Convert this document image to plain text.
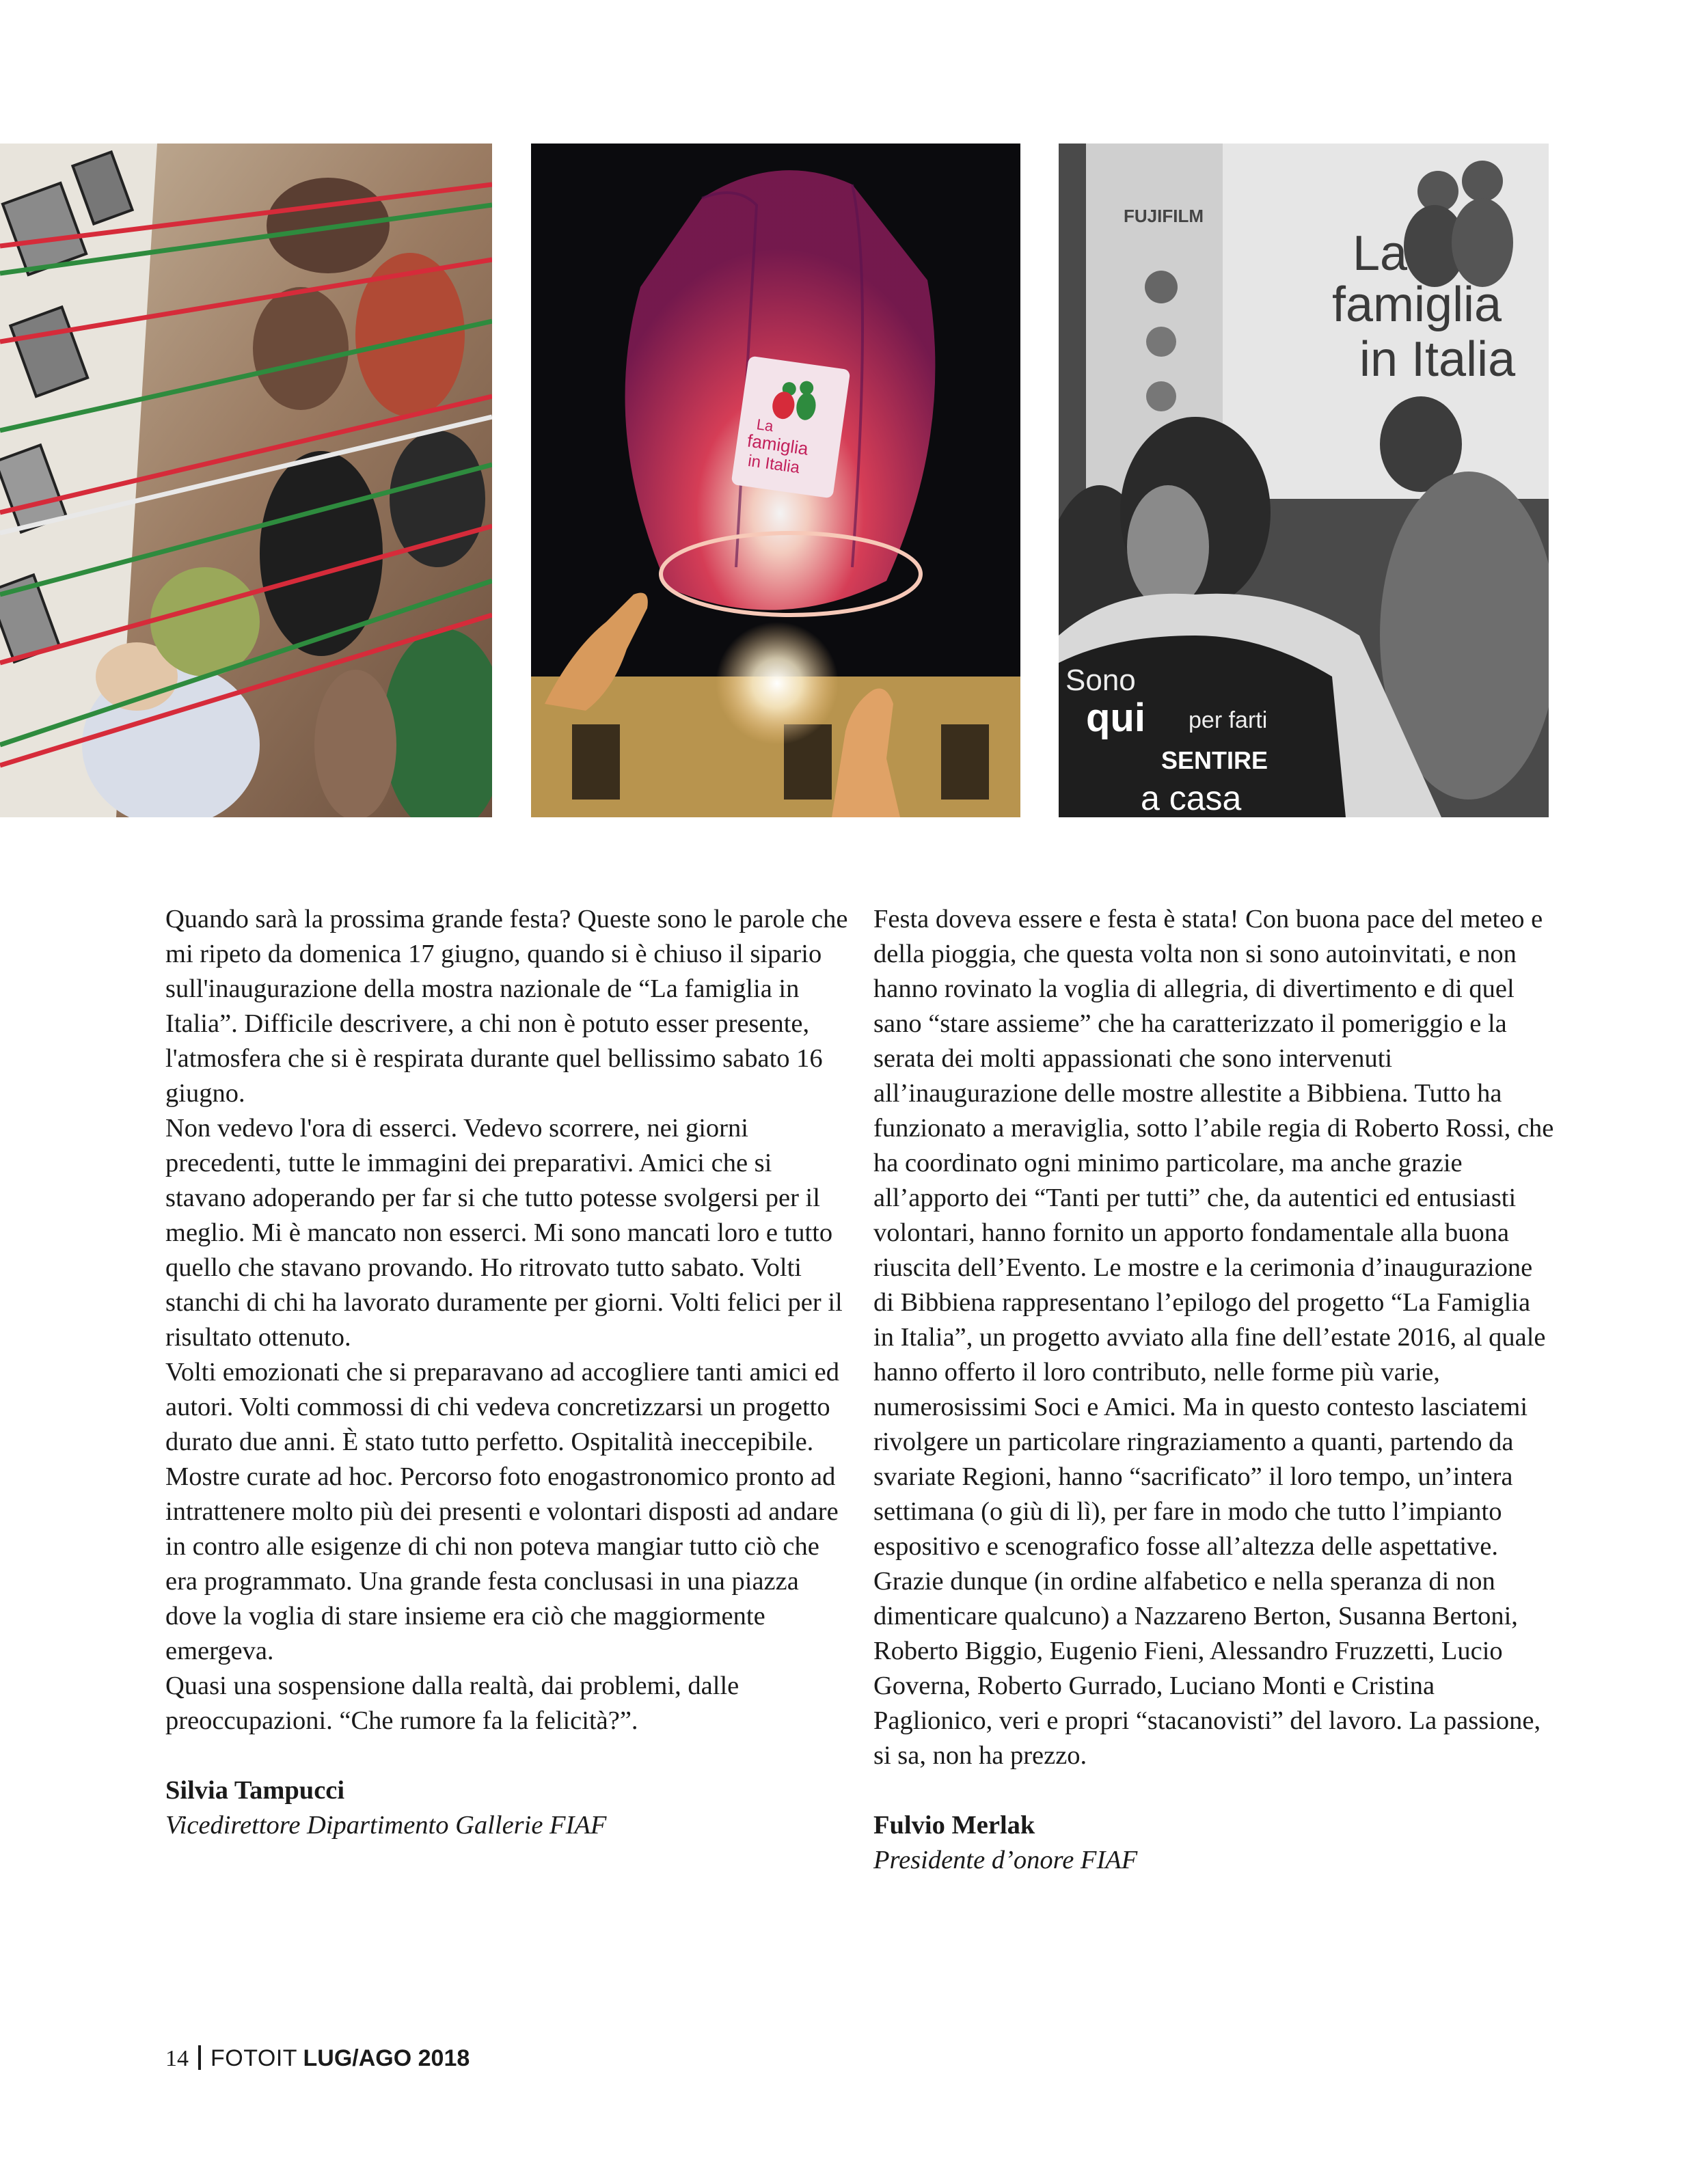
La
famiglia
in Italia
FUJIFILM
La
famiglia
in Italia
Sono
qui per farti
SENTIRE
a casa

Quando sarà la prossima grande festa? Queste sono le parole che mi ripeto da domenica 17 giugno, quando si è chiuso il sipario sull'inaugurazione della mostra nazionale de “La famiglia in Italia”. Difficile descrivere, a chi non è potuto esser presente, l'atmosfera che si è respirata durante quel bellissimo sabato 16 giugno.

Non vedevo l'ora di esserci. Vedevo scorrere, nei giorni precedenti, tutte le immagini dei preparativi. Amici che si stavano adoperando per far si che tutto potesse svolgersi per il meglio. Mi è mancato non esserci. Mi sono mancati loro e tutto quello che stavano provando. Ho ritrovato tutto sabato. Volti stanchi di chi ha lavorato duramente per giorni. Volti felici per il risultato ottenuto.

Volti emozionati che si preparavano ad accogliere tanti amici ed autori. Volti commossi di chi vedeva concretizzarsi un progetto durato due anni. È stato tutto perfetto. Ospitalità ineccepibile. Mostre curate ad hoc. Percorso foto enogastronomico pronto ad intrattenere molto più dei presenti e volontari disposti ad andare in contro alle esigenze di chi non poteva mangiar tutto ciò che era programmato. Una grande festa conclusasi in una piazza dove la voglia di stare insieme era ciò che maggiormente emergeva.

Quasi una sospensione dalla realtà, dai problemi, dalle preoccupazioni. “Che rumore fa la felicità?”.

Silvia Tampucci
Vicedirettore Dipartimento Gallerie FIAF

Festa doveva essere e festa è stata! Con buona pace del meteo e della pioggia, che questa volta non si sono autoinvitati, e non hanno rovinato la voglia di allegria, di divertimento e di quel sano “stare assieme” che ha caratterizzato il pomeriggio e la serata dei molti appassionati che sono intervenuti all’inaugurazione delle mostre allestite a Bibbiena. Tutto ha funzionato a meraviglia, sotto l’abile regia di Roberto Rossi, che ha coordinato ogni minimo particolare, ma anche grazie all’apporto dei “Tanti per tutti” che, da autentici ed entusiasti volontari, hanno fornito un apporto fondamentale alla buona riuscita dell’Evento. Le mostre e la cerimonia d’inaugurazione di Bibbiena rappresentano l’epilogo del progetto “La Famiglia in Italia”, un progetto avviato alla fine dell’estate 2016, al quale hanno offerto il loro contributo, nelle forme più varie, numerosissimi Soci e Amici. Ma in questo contesto lasciatemi rivolgere un particolare ringraziamento a quanti, partendo da svariate Regioni, hanno “sacrificato” il loro tempo, un’intera settimana (o giù di lì), per fare in modo che tutto l’impianto espositivo e scenografico fosse all’altezza delle aspettative. Grazie dunque (in ordine alfabetico e nella speranza di non dimenticare qualcuno) a Nazzareno Berton, Susanna Bertoni, Roberto Biggio, Eugenio Fieni, Alessandro Fruzzetti, Lucio Governa, Roberto Gurrado, Luciano Monti e Cristina Paglionico, veri e propri “stacanovisti” del lavoro. La passione, si sa, non ha prezzo.

Fulvio Merlak
Presidente d’onore FIAF
14 FOTOIT LUG/AGO 2018
